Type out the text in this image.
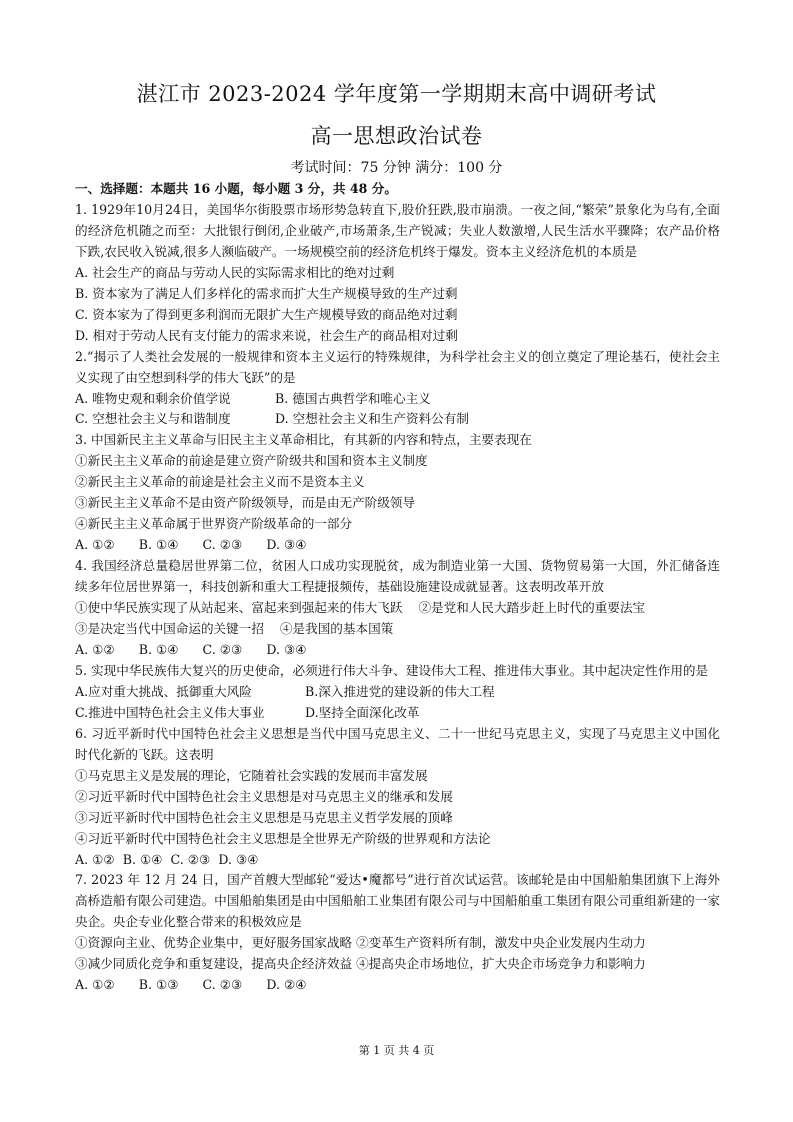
湛江市 2023-2024 学年度第一学期期末高中调研考试
高一思想政治试卷
考试时间：75 分钟 满分：100 分

一、选择题：本题共 16 小题，每小题 3 分，共 48 分。

1. 1929年10月24日，美国华尔街股票市场形势急转直下,股价狂跌,股市崩溃。一夜之间,“繁荣”景象化为乌有,全面的经济危机随之而至：大批银行倒闭,企业破产,市场萧条,生产锐减；失业人数激增,人民生活水平骤降；农产品价格下跌,农民收入锐减,很多人濒临破产。一场规模空前的经济危机终于爆发。资本主义经济危机的本质是

A. 社会生产的商品与劳动人民的实际需求相比的绝对过剩

B. 资本家为了满足人们多样化的需求而扩大生产规模导致的生产过剩

C. 资本家为了得到更多利润而无限扩大生产规模导致的商品绝对过剩

D. 相对于劳动人民有支付能力的需求来说，社会生产的商品相对过剩

2.“揭示了人类社会发展的一般规律和资本主义运行的特殊规律，为科学社会主义的创立奠定了理论基石，使社会主义实现了由空想到科学的伟大飞跃”的是

A. 唯物史观和剩余价值学说	B. 德国古典哲学和唯心主义

C. 空想社会主义与和谐制度	D. 空想社会主义和生产资料公有制

3. 中国新民主主义革命与旧民主主义革命相比，有其新的内容和特点，主要表现在

①新民主主义革命的前途是建立资产阶级共和国和资本主义制度

②新民主主义革命的前途是社会主义而不是资本主义

③新民主主义革命不是由资产阶级领导，而是由无产阶级领导

④新民主主义革命属于世界资产阶级革命的一部分

A. ①②      B. ①④      C. ②③      D. ③④

4. 我国经济总量稳居世界第二位，贫困人口成功实现脱贫，成为制造业第一大国、货物贸易第一大国，外汇储备连续多年位居世界第一，科技创新和重大工程捷报频传，基础设施建设成就显著。这表明改革开放

①使中华民族实现了从站起来、富起来到强起来的伟大飞跃    ②是党和人民大踏步赶上时代的重要法宝

③是决定当代中国命运的关键一招    ④是我国的基本国策

A. ①②      B. ①④      C. ②③      D. ③④

5. 实现中华民族伟大复兴的历史使命，必须进行伟大斗争、建设伟大工程、推进伟大事业。其中起决定性作用的是

A.应对重大挑战、抵御重大风险	B.深入推进党的建设新的伟大工程

C.推进中国特色社会主义伟大事业	D.坚持全面深化改革

6. 习近平新时代中国特色社会主义思想是当代中国马克思主义、二十一世纪马克思主义，实现了马克思主义中国化时代化新的飞跃。这表明

①马克思主义是发展的理论，它随着社会实践的发展而丰富发展

②习近平新时代中国特色社会主义思想是对马克思主义的继承和发展

③习近平新时代中国特色社会主义思想是马克思主义哲学发展的顶峰

④习近平新时代中国特色社会主义思想是全世界无产阶级的世界观和方法论

A. ①②  B. ①④  C. ②③  D. ③④

7. 2023 年 12 月 24 日，国产首艘大型邮轮“爱达•魔都号”进行首次试运营。该邮轮是由中国船舶集团旗下上海外高桥造船有限公司建造。中国船舶集团是由中国船舶工业集团有限公司与中国船舶重工集团有限公司重组新建的一家央企。央企专业化整合带来的积极效应是

①资源向主业、优势企业集中，更好服务国家战略 ②变革生产资料所有制，激发中央企业发展内生动力

③减少同质化竞争和重复建设，提高央企经济效益 ④提高央企市场地位，扩大央企市场竞争力和影响力

A. ①②      B. ①③      C. ②③      D. ②④

第 1 页 共 4 页
